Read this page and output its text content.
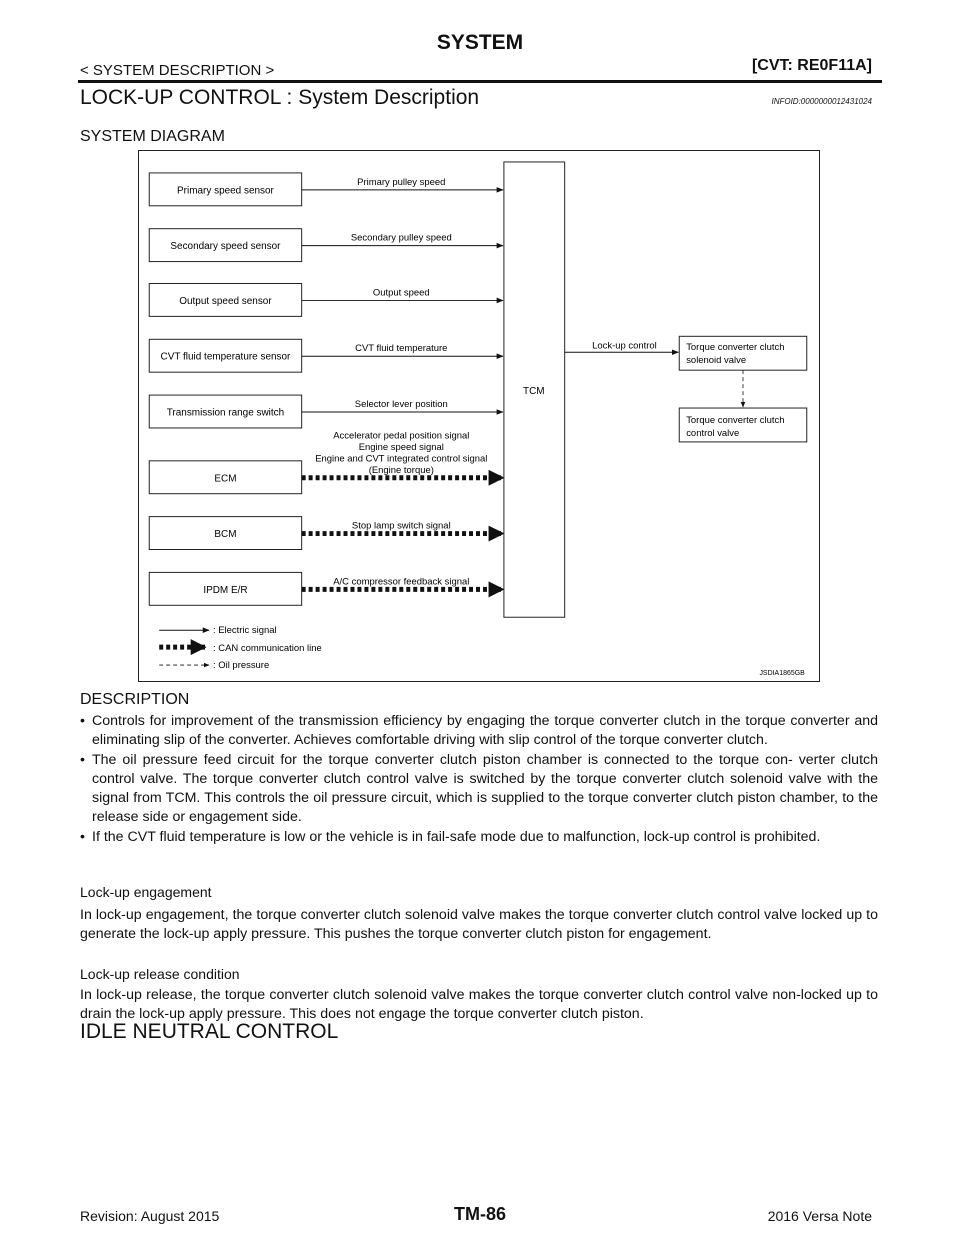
SYSTEM
< SYSTEM DESCRIPTION >	[CVT: RE0F11A]
LOCK-UP CONTROL : System Description	INFOID:0000000012431024
SYSTEM DIAGRAM
Primary speed sensor
Primary pulley speed
Secondary speed sensor
Secondary pulley speed
Output speed sensor
Output speed
CVT fluid temperature sensor
CVT fluid temperature
Transmission range switch
Selector lever position
ECM
Accelerator pedal position signal
Engine speed signal
Engine and CVT integrated control signal
(Engine torque)
BCM
Stop lamp switch signal
IPDM E/R
A/C compressor feedback signal
TCM
Lock-up control	Torque converter clutch
solenoid valve
Torque converter clutch
control valve
: Electric signal
: CAN communication line
: Oil pressure
JSDIA1865GB
DESCRIPTION
• Controls for improvement of the transmission efficiency by engaging the torque converter clutch in the torque converter and eliminating slip of the converter. Achieves comfortable driving with slip control of the torque converter clutch.
• The oil pressure feed circuit for the torque converter clutch piston chamber is connected to the torque con- verter clutch control valve. The torque converter clutch control valve is switched by the torque converter clutch solenoid valve with the signal from TCM. This controls the oil pressure circuit, which is supplied to the torque converter clutch piston chamber, to the release side or engagement side.
• If the CVT fluid temperature is low or the vehicle is in fail-safe mode due to malfunction, lock-up control is prohibited.
Lock-up engagement

In lock-up engagement, the torque converter clutch solenoid valve makes the torque converter clutch control valve locked up to generate the lock-up apply pressure. This pushes the torque converter clutch piston for engagement.

Lock-up release condition

In lock-up release, the torque converter clutch solenoid valve makes the torque converter clutch control valve non-locked up to drain the lock-up apply pressure. This does not engage the torque converter clutch piston.

IDLE NEUTRAL CONTROL
Revision: August 2015	TM-86	2016 Versa Note
